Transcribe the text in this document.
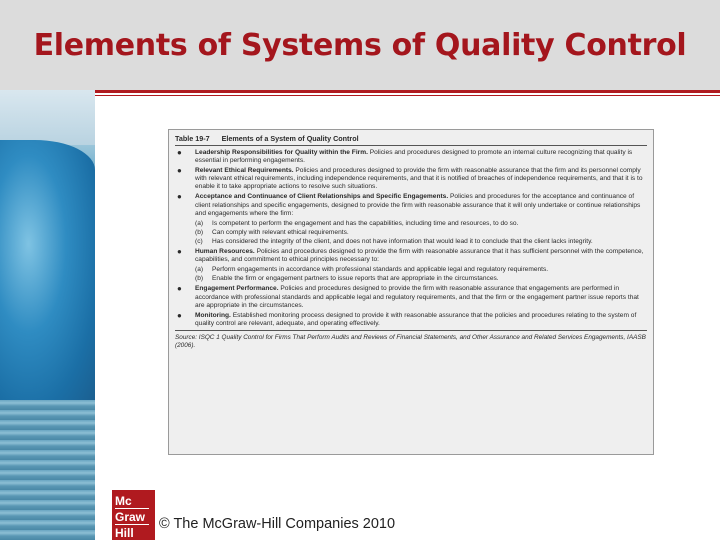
Elements of Systems of Quality Control
Table 19-7 Elements of a System of Quality Control
●	Leadership Responsibilities for Quality within the Firm. Policies and procedures designed to promote an internal culture recognizing that quality is essential in performing engagements.
●	Relevant Ethical Requirements. Policies and procedures designed to provide the firm with reasonable assurance that the firm and its personnel comply with relevant ethical requirements, including independence requirements, and that it is notified of breaches of independence requirements, and that it is to enable it to take appropriate actions to resolve such situations.
●	Acceptance and Continuance of Client Relationships and Specific Engagements. Policies and procedures for the acceptance and continuance of client relationships and specific engagements, designed to provide the firm with reasonable assurance that it will only undertake or continue relationships and engagements where the firm:
(a)	Is competent to perform the engagement and has the capabilities, including time and resources, to do so.
(b)	Can comply with relevant ethical requirements.
(c)	Has considered the integrity of the client, and does not have information that would lead it to conclude that the client lacks integrity.
●	Human Resources. Policies and procedures designed to provide the firm with reasonable assurance that it has sufficient personnel with the competence, capabilities, and commitment to ethical principles necessary to:
(a)	Perform engagements in accordance with professional standards and applicable legal and regulatory requirements.
(b)	Enable the firm or engagement partners to issue reports that are appropriate in the circumstances.
●	Engagement Performance. Policies and procedures designed to provide the firm with reasonable assurance that engagements are performed in accordance with professional standards and applicable legal and regulatory requirements, and that the firm or the engagement partner issue reports that are appropriate in the circumstances.
●	Monitoring. Established monitoring process designed to provide it with reasonable assurance that the policies and procedures relating to the system of quality control are relevant, adequate, and operating effectively.
Source: ISQC 1 Quality Control for Firms That Perform Audits and Reviews of Financial Statements, and Other Assurance and Related Services Engagements, IAASB (2006).
Mc
Graw
Hill
© The McGraw-Hill Companies 2010
